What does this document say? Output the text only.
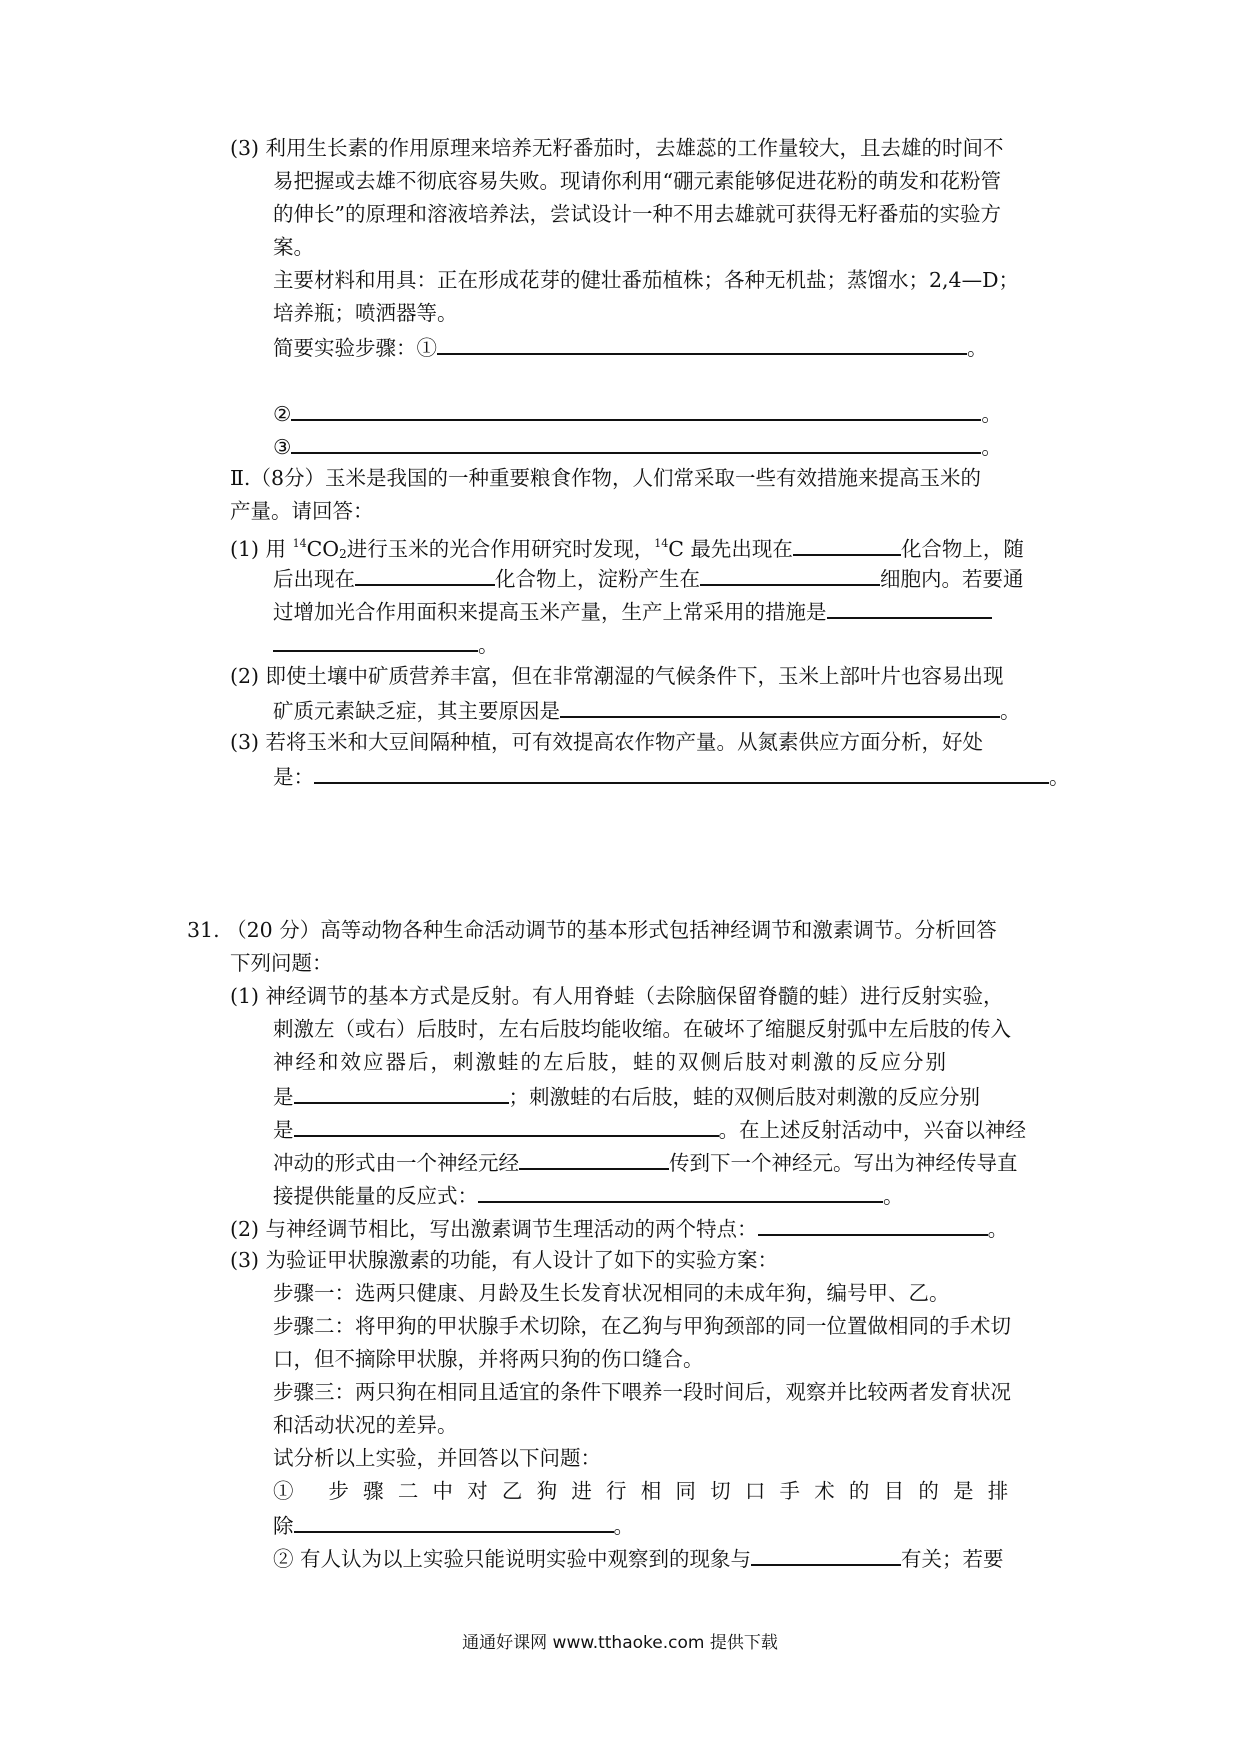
(3) 利用生长素的作用原理来培养无籽番茄时，去雄蕊的工作量较大，且去雄的时间不
易把握或去雄不彻底容易失败。现请你利用“硼元素能够促进花粉的萌发和花粉管
的伸长”的原理和溶液培养法，尝试设计一种不用去雄就可获得无籽番茄的实验方
案。
主要材料和用具：正在形成花芽的健壮番茄植株；各种无机盐；蒸馏水；2,4—D；
培养瓶；喷洒器等。
简要实验步骤：①	。
②	。
③	。
Ⅱ.（8分）玉米是我国的一种重要粮食作物，人们常采取一些有效措施来提高玉米的
产量。请回答：
(1) 用 $^{14}$CO2进行玉米的光合作用研究时发现，$^{14}$C 最先出现在	化合物上，随
后出现在	化合物上，淀粉产生在	细胞内。若要通
过增加光合作用面积来提高玉米产量，生产上常采用的措施是
。
(2) 即使土壤中矿质营养丰富，但在非常潮湿的气候条件下，玉米上部叶片也容易出现
矿质元素缺乏症，其主要原因是	。
(3) 若将玉米和大豆间隔种植，可有效提高农作物产量。从氮素供应方面分析，好处
是：	。
31. （20 分）高等动物各种生命活动调节的基本形式包括神经调节和激素调节。分析回答
下列问题：
(1) 神经调节的基本方式是反射。有人用脊蛙（去除脑保留脊髓的蛙）进行反射实验，
刺激左（或右）后肢时，左右后肢均能收缩。在破坏了缩腿反射弧中左后肢的传入
神经和效应器后，刺激蛙的左后肢，蛙的双侧后肢对刺激的反应分别
是	；刺激蛙的右后肢，蛙的双侧后肢对刺激的反应分别
是	。在上述反射活动中，兴奋以神经
冲动的形式由一个神经元经	传到下一个神经元。写出为神经传导直
接提供能量的反应式：	。
(2) 与神经调节相比，写出激素调节生理活动的两个特点：	。
(3) 为验证甲状腺激素的功能，有人设计了如下的实验方案：
步骤一：选两只健康、月龄及生长发育状况相同的未成年狗，编号甲、乙。
步骤二：将甲狗的甲状腺手术切除，在乙狗与甲狗颈部的同一位置做相同的手术切
口，但不摘除甲状腺，并将两只狗的伤口缝合。
步骤三：两只狗在相同且适宜的条件下喂养一段时间后，观察并比较两者发育状况
和活动状况的差异。
试分析以上实验，并回答以下问题：
① 步骤二中对乙狗进行相同切口手术的目的是排
除	。
② 有人认为以上实验只能说明实验中观察到的现象与	有关；若要
通通好课网 www.tthaoke.com 提供下载
